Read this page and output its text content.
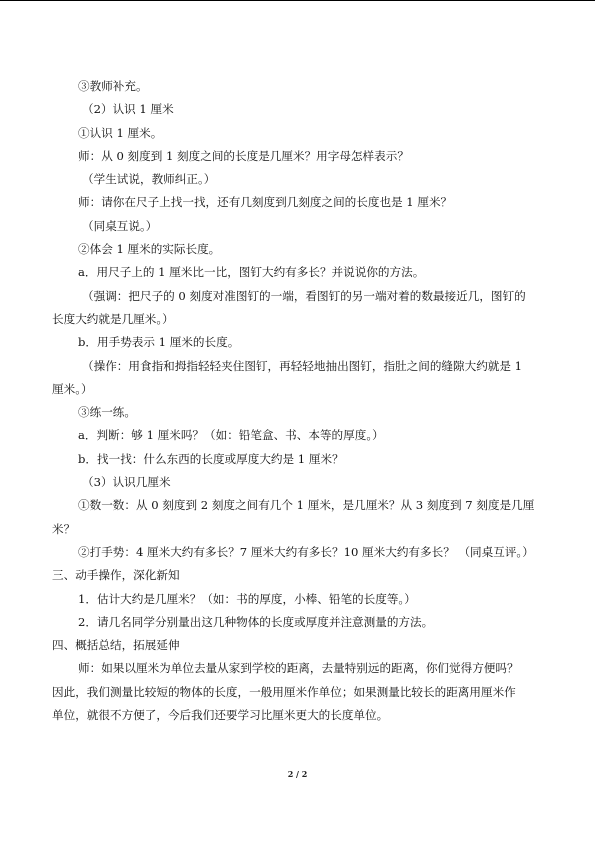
③教师补充。
（2）认识 1 厘米
①认识 1 厘米。
师：从 0 刻度到 1 刻度之间的长度是几厘米？用字母怎样表示？
（学生试说，教师纠正。）
师：请你在尺子上找一找，还有几刻度到几刻度之间的长度也是 1 厘米？
（同桌互说。）
②体会 1 厘米的实际长度。
a．用尺子上的 1 厘米比一比，图钉大约有多长？并说说你的方法。
（强调：把尺子的 0 刻度对准图钉的一端，看图钉的另一端对着的数最接近几，图钉的
长度大约就是几厘米。）
b．用手势表示 1 厘米的长度。
（操作：用食指和拇指轻轻夹住图钉，再轻轻地抽出图钉，指肚之间的缝隙大约就是 1
厘米。）
③练一练。
a．判断：够 1 厘米吗？（如：铅笔盒、书、本等的厚度。）
b．找一找：什么东西的长度或厚度大约是 1 厘米？
（3）认识几厘米
①数一数：从 0 刻度到 2 刻度之间有几个 1 厘米，是几厘米？从 3 刻度到 7 刻度是几厘
米？
②打手势：4 厘米大约有多长？7 厘米大约有多长？10 厘米大约有多长？ （同桌互评。）
三、动手操作，深化新知
1．估计大约是几厘米？（如：书的厚度，小棒、铅笔的长度等。）
2．请几名同学分别量出这几种物体的长度或厚度并注意测量的方法。
四、概括总结，拓展延伸
师：如果以厘米为单位去量从家到学校的距离，去量特别远的距离，你们觉得方便吗？
因此，我们测量比较短的物体的长度，一般用厘米作单位；如果测量比较长的距离用厘米作
单位，就很不方便了，今后我们还要学习比厘米更大的长度单位。
2 / 2
